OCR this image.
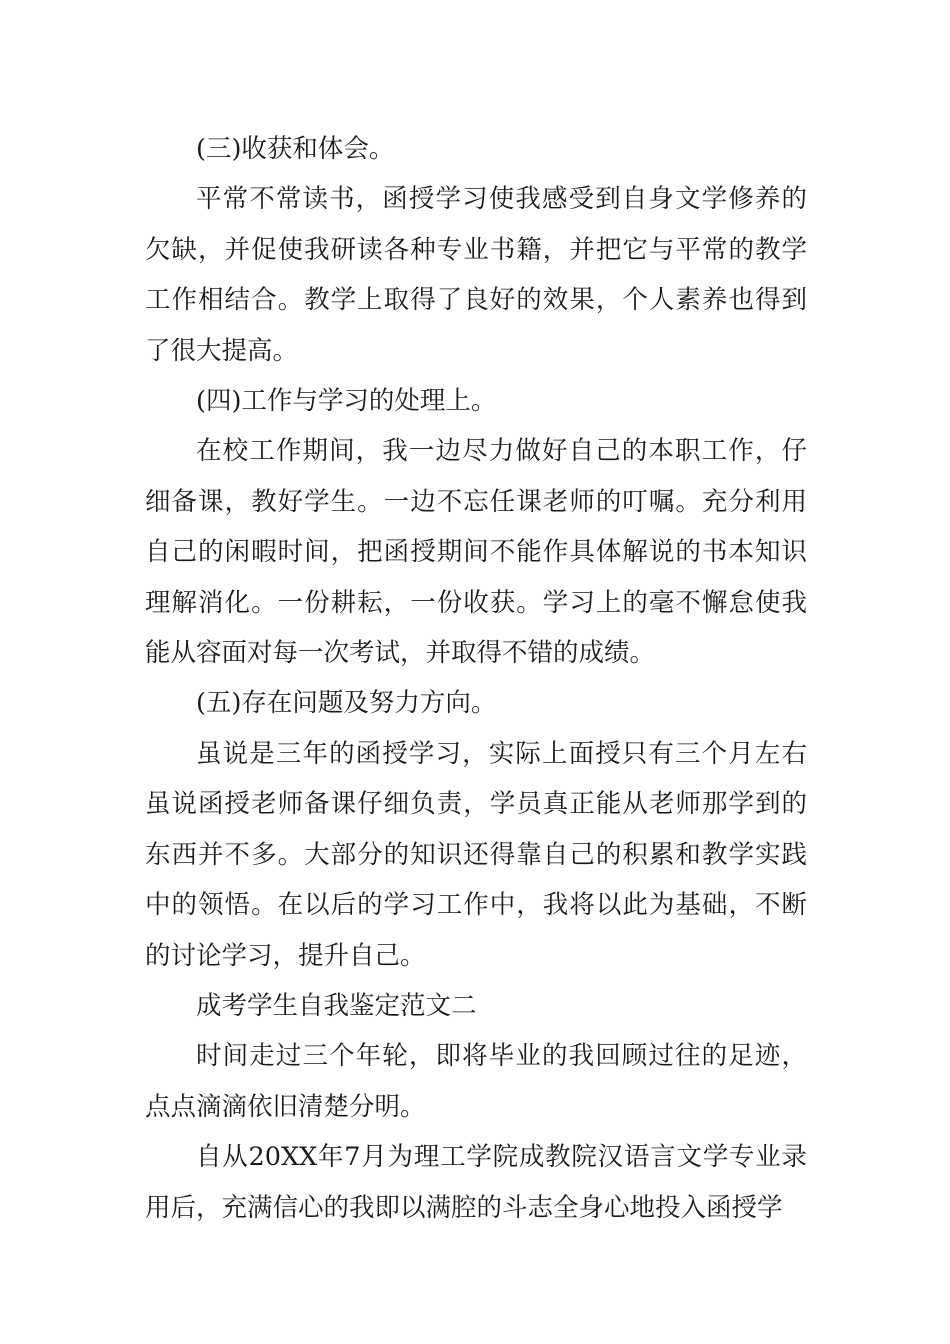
(三)收获和体会。

平常不常读书，函授学习使我感受到自身文学修养的欠缺，并促使我研读各种专业书籍，并把它与平常的教学工作相结合。教学上取得了良好的效果，个人素养也得到了很大提高。

(四)工作与学习的处理上。

在校工作期间，我一边尽力做好自己的本职工作，仔细备课，教好学生。一边不忘任课老师的叮嘱。充分利用自己的闲暇时间，把函授期间不能作具体解说的书本知识理解消化。一份耕耘，一份收获。学习上的毫不懈怠使我能从容面对每一次考试，并取得不错的成绩。

(五)存在问题及努力方向。

虽说是三年的函授学习，实际上面授只有三个月左右虽说函授老师备课仔细负责，学员真正能从老师那学到的东西并不多。大部分的知识还得靠自己的积累和教学实践中的领悟。在以后的学习工作中，我将以此为基础，不断的讨论学习，提升自己。

成考学生自我鉴定范文二

时间走过三个年轮，即将毕业的我回顾过往的足迹，点点滴滴依旧清楚分明。

自从20XX年7月为理工学院成教院汉语言文学专业录用后，充满信心的我即以满腔的斗志全身心地投入函授学
